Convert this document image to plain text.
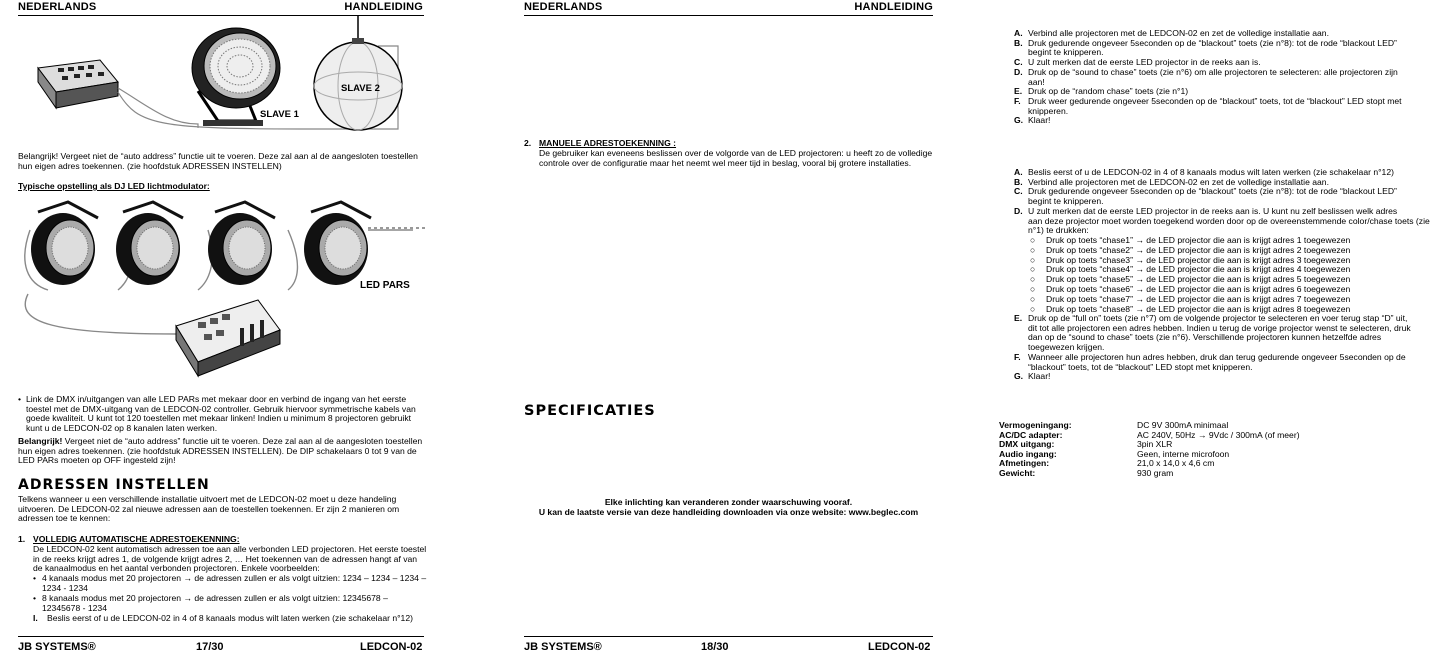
NEDERLANDS	HANDLEIDING
SLAVE 1
SLAVE 2
Belangrijk! Vergeet niet de “auto address” functie uit te voeren. Deze zal aan al de aangesloten toestellen hun eigen adres toekennen. (zie hoofdstuk ADRESSEN INSTELLEN)
Typische opstelling als DJ LED lichtmodulator:
LED PARS
• Link de DMX in/uitgangen van alle LED PARs met mekaar door en verbind de ingang van het eerste toestel met de DMX-uitgang van de LEDCON-02 controller. Gebruik hiervoor symmetrische kabels van goede kwaliteit. U kunt tot 120 toestellen met mekaar linken! Indien u minimum 8 projectoren gebruikt kunt u de LEDCON-02 op 8 kanalen laten werken.
Belangrijk! Vergeet niet de “auto address” functie uit te voeren. Deze zal aan al de aangesloten toestellen hun eigen adres toekennen. (zie hoofdstuk ADRESSEN INSTELLEN). De DIP schakelaars 0 tot 9 van de LED PARs moeten op OFF ingesteld zijn!
ADRESSEN INSTELLEN
Telkens wanneer u een verschillende installatie uitvoert met de LEDCON-02 moet u deze handeling uitvoeren. De LEDCON-02 zal nieuwe adressen aan de toestellen toekennen. Er zijn 2 manieren om adressen toe te kennen:
1. VOLLEDIG AUTOMATISCHE ADRESTOEKENNING:
De LEDCON-02 kent automatisch adressen toe aan alle verbonden LED projectoren. Het eerste toestel in de reeks krijgt adres 1, de volgende krijgt adres 2, … Het toekennen van de adressen hangt af van de kanaalmodus en het aantal verbonden projectoren. Enkele voorbeelden:
• 4 kanaals modus met 20 projectoren → de adressen zullen er als volgt uitzien: 1234 – 1234 – 1234 – 1234 - 1234
• 8 kanaals modus met 20 projectoren → de adressen zullen er als volgt uitzien: 12345678 – 12345678 - 1234
I. Beslis eerst of u de LEDCON-02 in 4 of 8 kanaals modus wilt laten werken (zie schakelaar n°12)
JB SYSTEMS®	17/30	LEDCON-02
NEDERLANDS	HANDLEIDING
A. Verbind alle projectoren met de LEDCON-02 en zet de volledige installatie aan.
B. Druk gedurende ongeveer 5seconden op de “blackout” toets (zie n°8): tot de rode “blackout LED”
begint te knipperen.
C. U zult merken dat de eerste LED projector in de reeks aan is.
D. Druk op de “sound to chase” toets (zie n°6) om alle projectoren te selecteren: alle projectoren zijn
aan!
E. Druk op de “random chase” toets (zie n°1)
F. Druk weer gedurende ongeveer 5seconden op de “blackout” toets, tot de “blackout” LED stopt met
knipperen.
G. Klaar!
2. MANUELE ADRESTOEKENNING :
De gebruiker kan eveneens beslissen over de volgorde van de LED projectoren: u heeft zo de volledige controle over de configuratie maar het neemt wel meer tijd in beslag, vooral bij grotere installaties.
A. Beslis eerst of u de LEDCON-02 in 4 of 8 kanaals modus wilt laten werken (zie schakelaar n°12)
B. Verbind alle projectoren met de LEDCON-02 en zet de volledige installatie aan.
C. Druk gedurende ongeveer 5seconden op de “blackout” toets (zie n°8): tot de rode “blackout LED”
begint te knipperen.
D. U zult merken dat de eerste LED projector in de reeks aan is. U kunt nu zelf beslissen welk adres
aan deze projector moet worden toegekend worden door op de overeenstemmende color/chase toets (zie
n°1) te drukken:
○ Druk op toets “chase1” → de LED projector die aan is krijgt adres 1 toegewezen
○ Druk op toets “chase2” → de LED projector die aan is krijgt adres 2 toegewezen
○ Druk op toets “chase3” → de LED projector die aan is krijgt adres 3 toegewezen
○ Druk op toets “chase4” → de LED projector die aan is krijgt adres 4 toegewezen
○ Druk op toets “chase5” → de LED projector die aan is krijgt adres 5 toegewezen
○ Druk op toets “chase6” → de LED projector die aan is krijgt adres 6 toegewezen
○ Druk op toets “chase7” → de LED projector die aan is krijgt adres 7 toegewezen
○ Druk op toets “chase8” → de LED projector die aan is krijgt adres 8 toegewezen
E. Druk op de “full on” toets (zie n°7) om de volgende projector te selecteren en voer terug stap “D” uit,
dit tot alle projectoren een adres hebben. Indien u terug de vorige projector wenst te selecteren, druk
dan op de “sound to chase” toets (zie n°6). Verschillende projectoren kunnen hetzelfde adres
toegewezen krijgen.
F. Wanneer alle projectoren hun adres hebben, druk dan terug gedurende ongeveer 5seconden op de
“blackout” toets, tot de “blackout” LED stopt met knipperen.
G. Klaar!
SPECIFICATIES
Vermogeningang:	DC 9V 300mA minimaal
AC/DC adapter:	AC 240V, 50Hz → 9Vdc / 300mA (of meer)
DMX uitgang:	3pin XLR
Audio ingang:	Geen, interne microfoon
Afmetingen:	21,0 x 14,0 x 4,6 cm
Gewicht:	930 gram
Elke inlichting kan veranderen zonder waarschuwing vooraf.
U kan de laatste versie van deze handleiding downloaden via onze website: www.beglec.com
JB SYSTEMS®	18/30	LEDCON-02
